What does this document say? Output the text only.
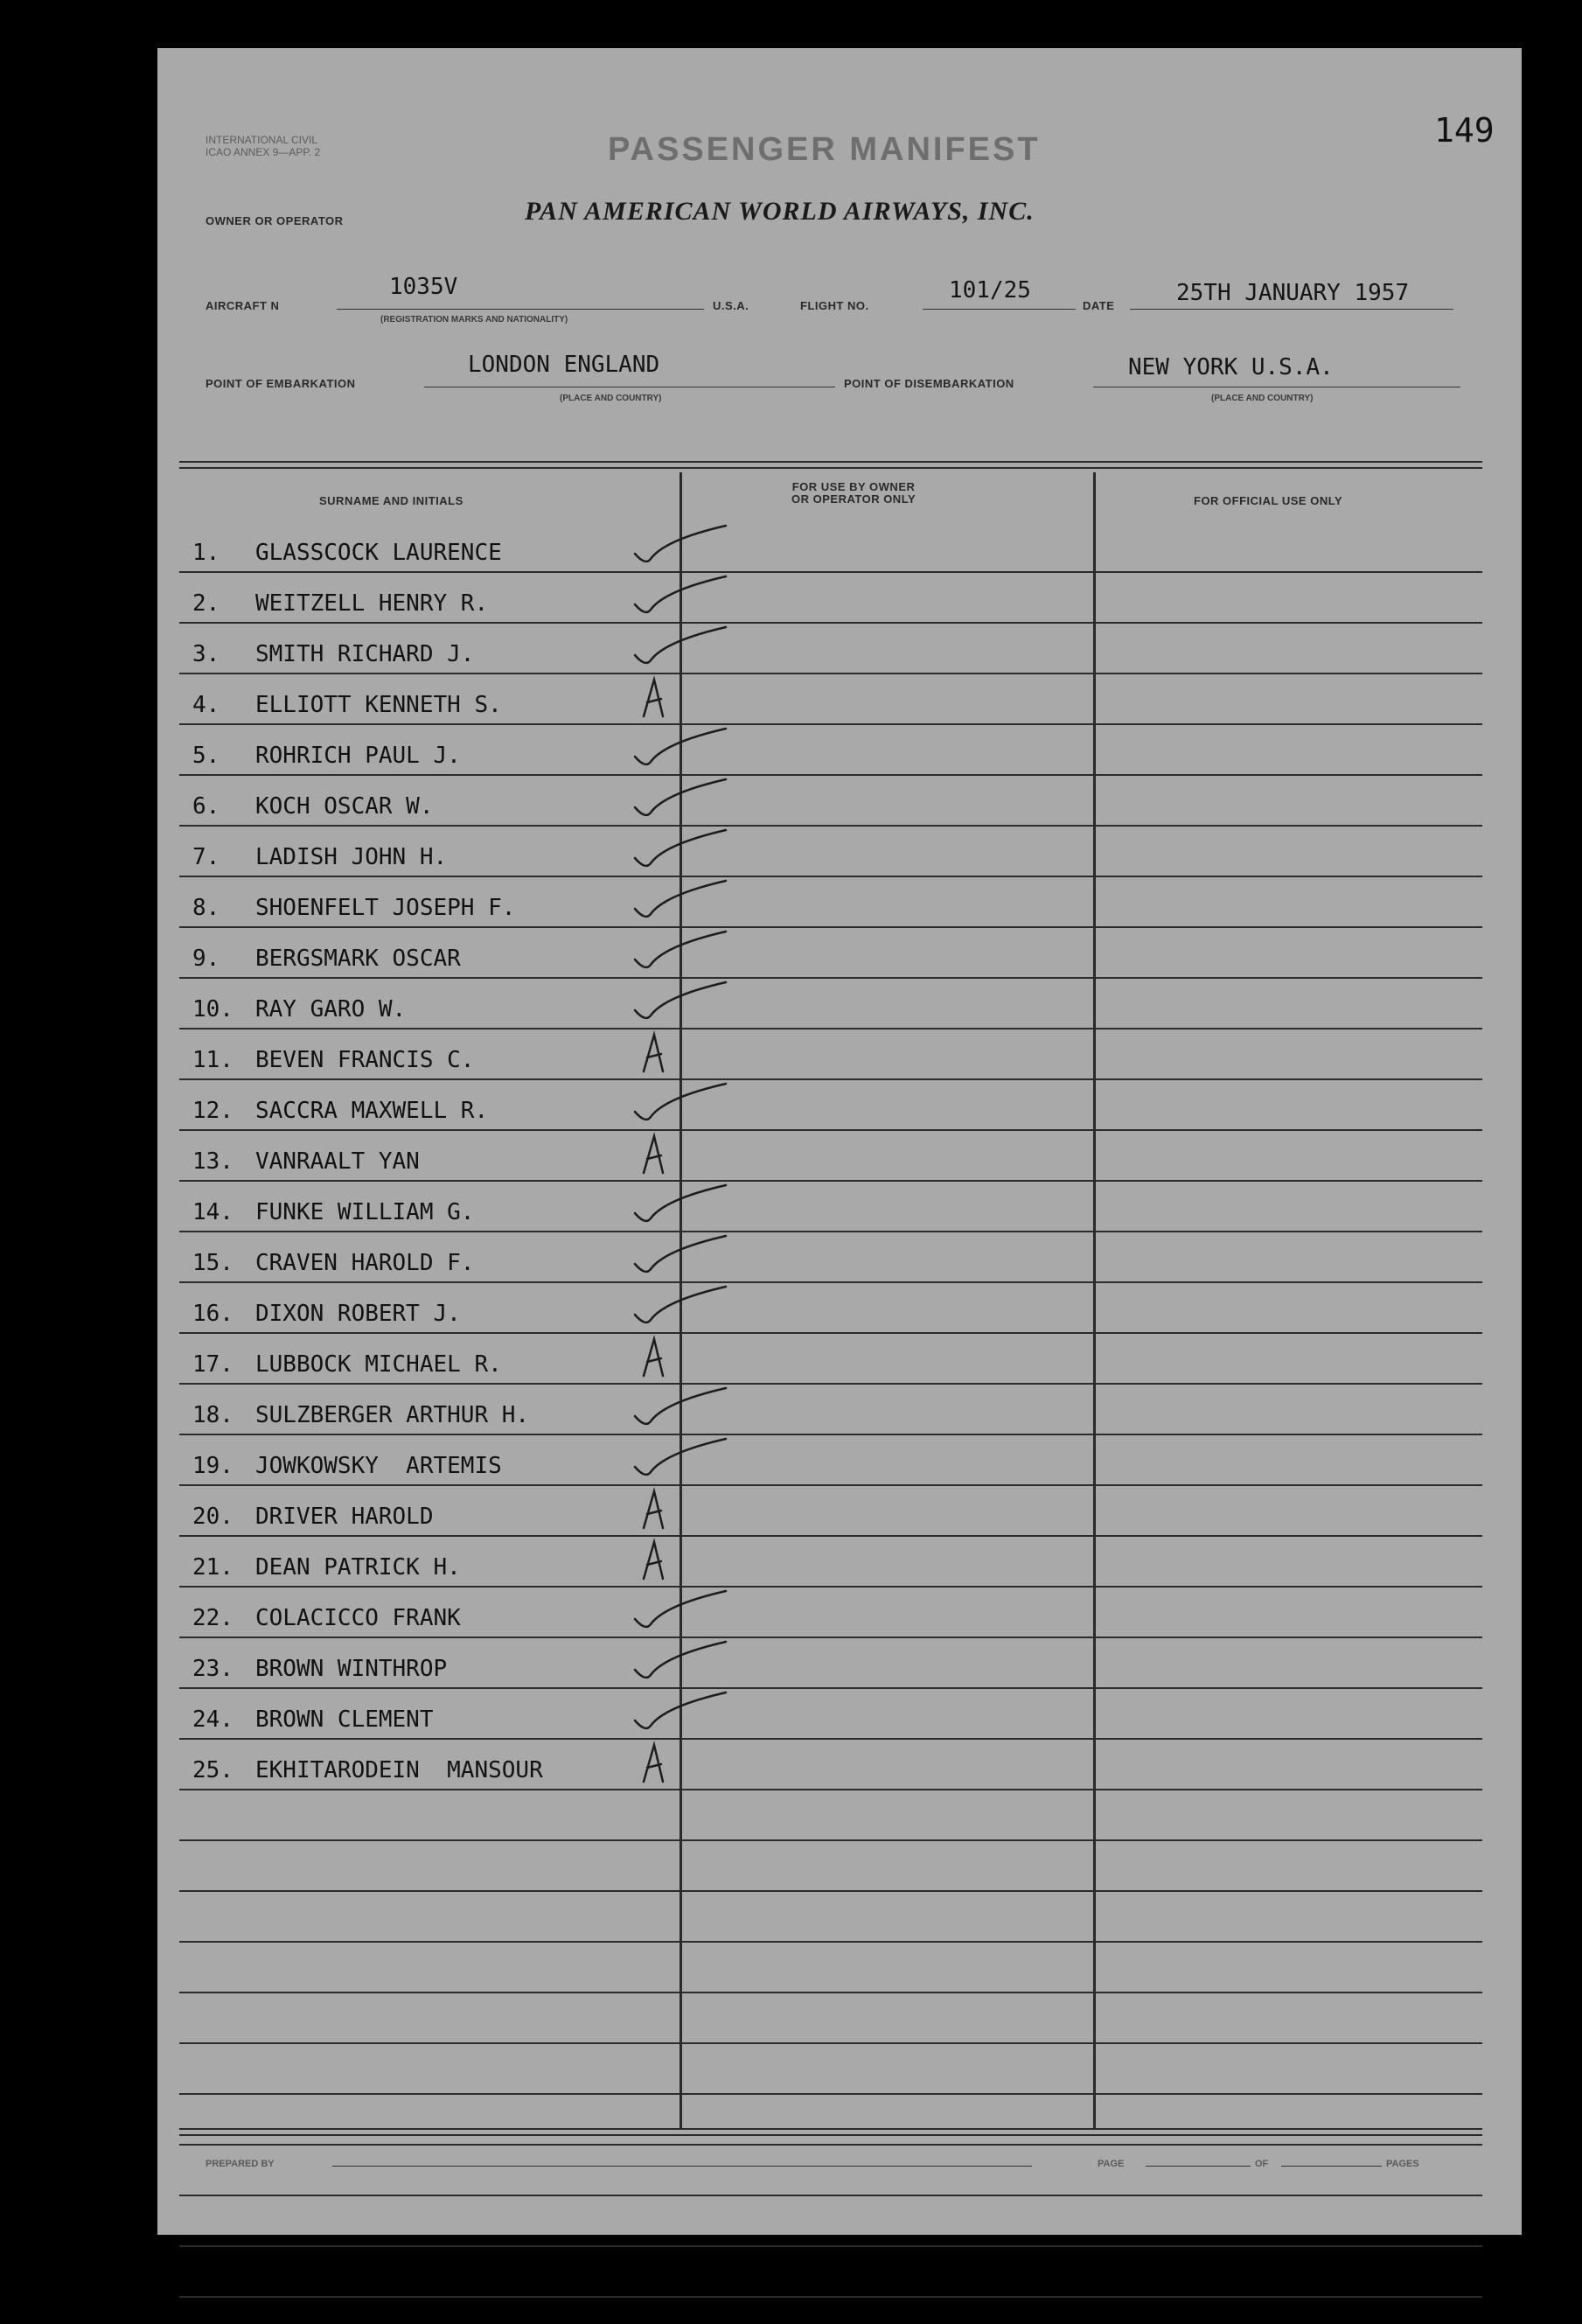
149
INTERNATIONAL CIVIL
ICAO ANNEX 9—APP. 2	PASSENGER MANIFEST
OWNER OR OPERATOR	PAN AMERICAN WORLD AIRWAYS, INC.
AIRCRAFT N
1035V
(REGISTRATION MARKS AND NATIONALITY)
U.S.A.	FLIGHT NO.
101/25
DATE	25TH JANUARY 1957
POINT OF EMBARKATION
LONDON ENGLAND
(PLACE AND COUNTRY)
POINT OF DISEMBARKATION
NEW YORK U.S.A.
(PLACE AND COUNTRY)
SURNAME AND INITIALS
FOR USE BY OWNER
OR OPERATOR ONLY	FOR OFFICIAL USE ONLY
1. GLASSCOCK LAURENCE
2. WEITZELL HENRY R.
3. SMITH RICHARD J.
4. ELLIOTT KENNETH S.
5. ROHRICH PAUL J.
6. KOCH OSCAR W.
7. LADISH JOHN H.
8. SHOENFELT JOSEPH F.
9. BERGSMARK OSCAR
10. RAY GARO W.
11. BEVEN FRANCIS C.
12. SACCRA MAXWELL R.
13. VANRAALT YAN
14. FUNKE WILLIAM G.
15. CRAVEN HAROLD F.
16. DIXON ROBERT J.
17. LUBBOCK MICHAEL R.
18. SULZBERGER ARTHUR H.
19. JOWKOWSKY  ARTEMIS
20. DRIVER HAROLD
21. DEAN PATRICK H.
22. COLACICCO FRANK
23. BROWN WINTHROP
24. BROWN CLEMENT
25. EKHITARODEIN  MANSOUR
PREPARED BY	PAGE	OF	PAGES
